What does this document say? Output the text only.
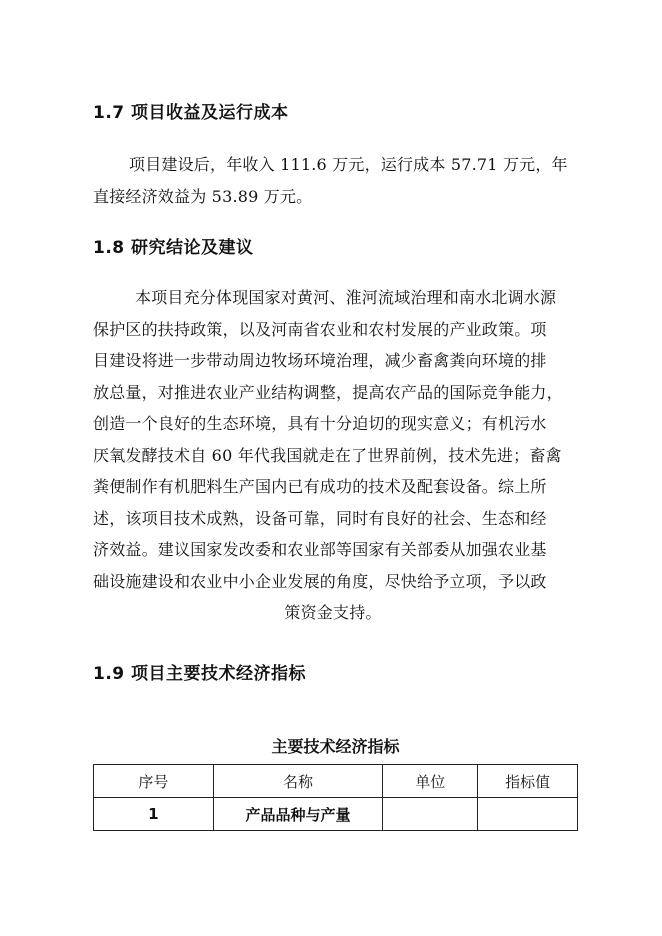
1.7 项目收益及运行成本
项目建设后，年收入 111.6 万元，运行成本 57.71 万元，年
直接经济效益为 53.89 万元。
1.8 研究结论及建议
本项目充分体现国家对黄河、淮河流域治理和南水北调水源
保护区的扶持政策，以及河南省农业和农村发展的产业政策。项
目建设将进一步带动周边牧场环境治理，减少畜禽粪向环境的排
放总量，对推进农业产业结构调整，提高农产品的国际竞争能力，
创造一个良好的生态环境，具有十分迫切的现实意义；有机污水
厌氧发酵技术自 60 年代我国就走在了世界前例，技术先进；畜禽
粪便制作有机肥料生产国内已有成功的技术及配套设备。综上所
述，该项目技术成熟，设备可靠，同时有良好的社会、生态和经
济效益。建议国家发改委和农业部等国家有关部委从加强农业基
础设施建设和农业中小企业发展的角度，尽快给予立项，予以政
策资金支持。
1.9 项目主要技术经济指标
主要技术经济指标
序号	名称	单位	指标值
1	产品品种与产量		
